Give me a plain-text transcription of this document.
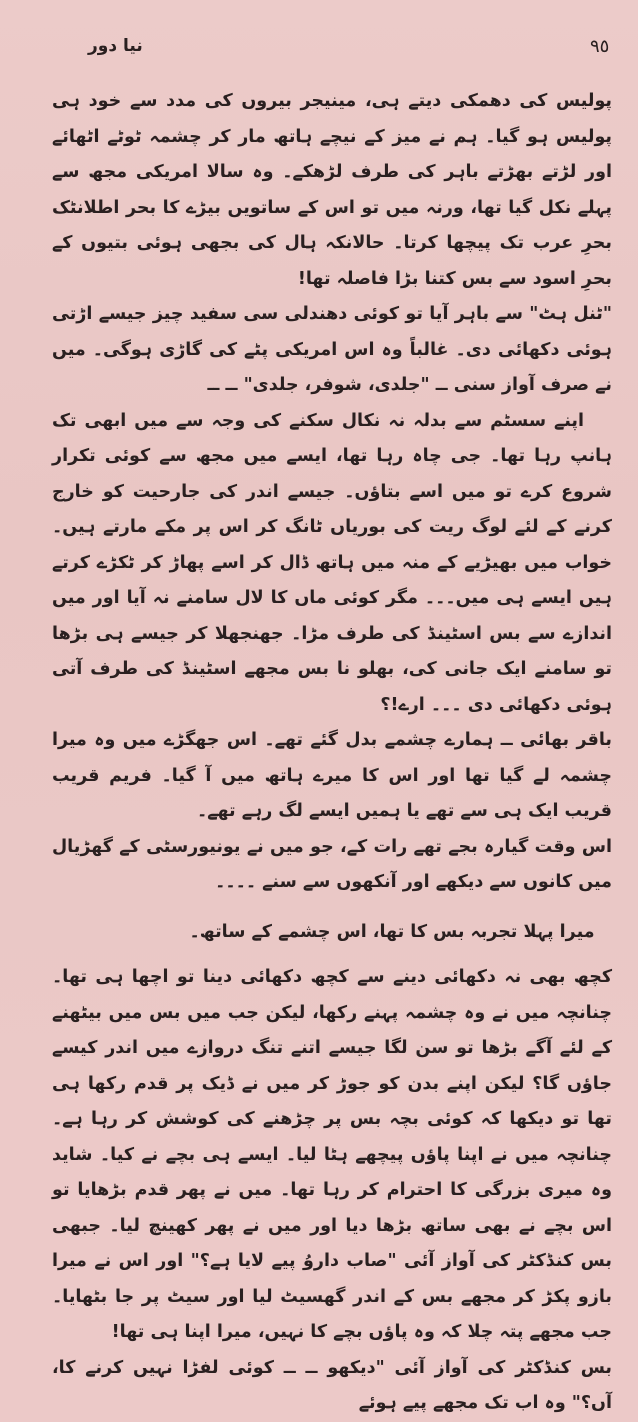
نیا دور	٩٥

پولیس کی دھمکی دیتے ہی، مینیجر بیروں کی مدد سے خود ہی پولیس ہو گیا۔ ہم نے میز کے نیچے ہاتھ مار کر چشمہ ٹوٹے اٹھائے اور لڑتے بھڑتے باہر کی طرف لڑھکے۔ وہ سالا امریکی مجھ سے پہلے نکل گیا تھا، ورنہ میں تو اس کے ساتویں بیڑے کا بحر اطلانٹک بحرِ عرب تک پیچھا کرتا۔ حالانکہ ہال کی بجھی ہوئی بتیوں کے بحرِ اسود سے بس کتنا بڑا فاصلہ تھا!

"ٹنل ہٹ" سے باہر آیا تو کوئی دھندلی سی سفید چیز جیسے اڑتی ہوئی دکھائی دی۔ غالباً وہ اس امریکی پٹے کی گاڑی ہوگی۔ میں نے صرف آواز سنی ــ "جلدی، شوفر، جلدی" ــ ــ

اپنے سسٹم سے بدلہ نہ نکال سکنے کی وجہ سے میں ابھی تک ہانپ رہا تھا۔ جی چاہ رہا تھا، ایسے میں مجھ سے کوئی تکرار شروع کرے تو میں اسے بتاؤں۔ جیسے اندر کی جارحیت کو خارج کرنے کے لئے لوگ ریت کی بوریاں ٹانگ کر اس پر مکے مارتے ہیں۔ خواب میں بھیڑیے کے منہ میں ہاتھ ڈال کر اسے پھاڑ کر ٹکڑے کرتے ہیں ایسے ہی میں۔۔۔ مگر کوئی ماں کا لال سامنے نہ آیا اور میں اندازے سے بس اسٹینڈ کی طرف مڑا۔ جھنجھلا کر جیسے ہی بڑھا تو سامنے ایک جانی کی، بھلو نا بس مجھے اسٹینڈ کی طرف آتی ہوئی دکھائی دی ۔۔۔ ارے!؟

باقر بھائی ــ ہمارے چشمے بدل گئے تھے۔ اس جھگڑے میں وہ میرا چشمہ لے گیا تھا اور اس کا میرے ہاتھ میں آ گیا۔ فریم قریب قریب ایک ہی سے تھے یا ہمیں ایسے لگ رہے تھے۔

اس وقت گیارہ بجے تھے رات کے، جو میں نے یونیورسٹی کے گھڑیال میں کانوں سے دیکھے اور آنکھوں سے سنے ۔۔۔۔

میرا پہلا تجربہ بس کا تھا، اس چشمے کے ساتھ۔

کچھ بھی نہ دکھائی دینے سے کچھ دکھائی دینا تو اچھا ہی تھا۔ چنانچہ میں نے وہ چشمہ پہنے رکھا، لیکن جب میں بس میں بیٹھنے کے لئے آگے بڑھا تو سن لگا جیسے اتنے تنگ دروازے میں اندر کیسے جاؤں گا؟ لیکن اپنے بدن کو جوڑ کر میں نے ڈیک پر قدم رکھا ہی تھا تو دیکھا کہ کوئی بچہ بس پر چڑھنے کی کوشش کر رہا ہے۔ چنانچہ میں نے اپنا پاؤں پیچھے ہٹا لیا۔ ایسے ہی بچے نے کیا۔ شاید وہ میری بزرگی کا احترام کر رہا تھا۔ میں نے پھر قدم بڑھایا تو اس بچے نے بھی ساتھ بڑھا دیا اور میں نے پھر کھینچ لیا۔ جبھی بس کنڈکٹر کی آواز آئی "صاب داروُ پیے لایا ہے؟" اور اس نے میرا بازو پکڑ کر مجھے بس کے اندر گھسیٹ لیا اور سیٹ پر جا بٹھایا۔ جب مجھے پتہ چلا کہ وہ پاؤں بچے کا نہیں، میرا اپنا ہی تھا!

بس کنڈکٹر کی آواز آئی "دیکھو ــ ــ کوئی لفڑا نہیں کرنے کا، آں؟" وہ اب تک مجھے پیے ہوئے
